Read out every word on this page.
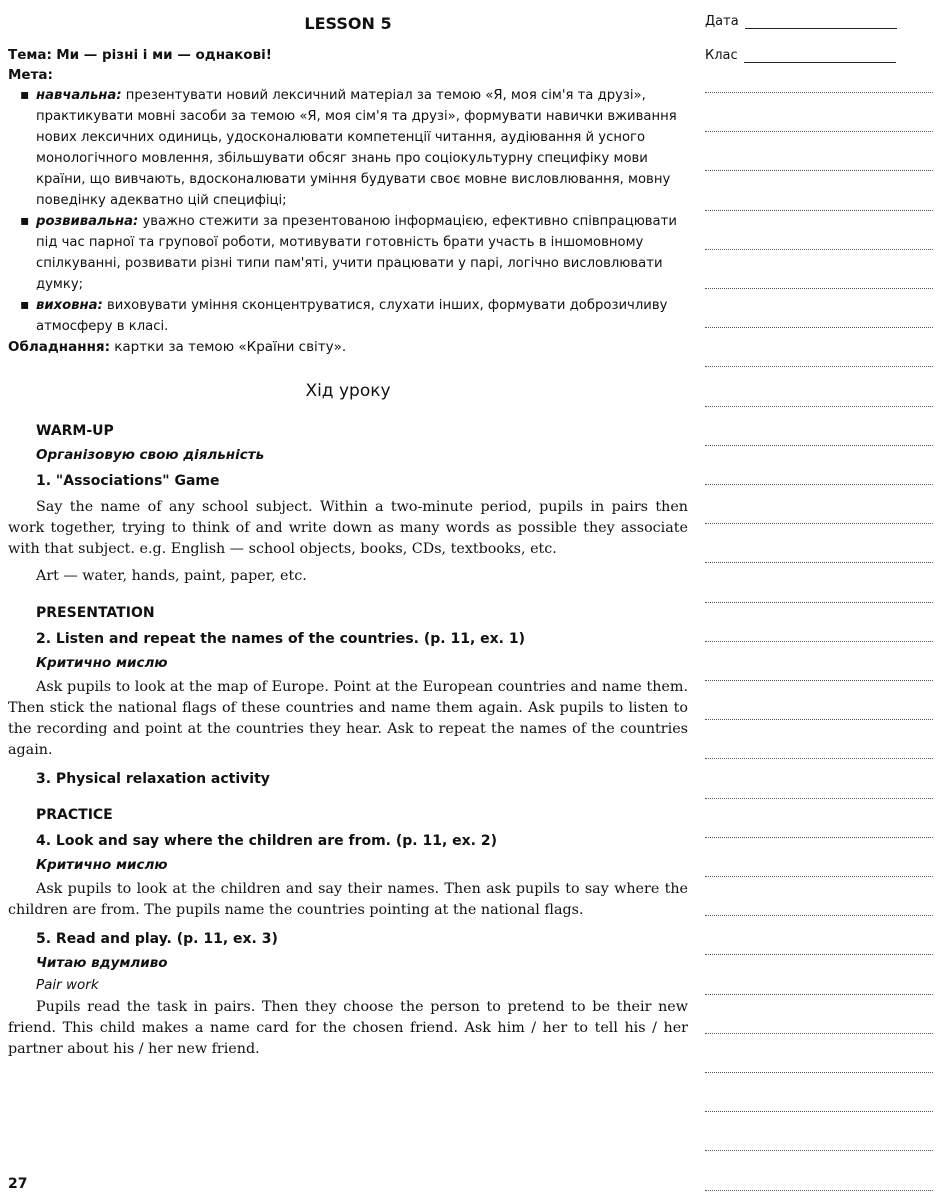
LESSON 5
Тема: Ми — різні і ми — однакові!
Мета:
▪ навчальна: презентувати новий лексичний матеріал за темою «Я, моя сім'я та друзі», практикувати мовні засоби за темою «Я, моя сім'я та друзі», формувати навички вживання нових лексичних одиниць, удосконалювати компетенції читання, аудіювання й усного монологічного мовлення, збільшувати обсяг знань про соціокультурну специфіку мови країни, що вивчають, вдосконалювати уміння будувати своє мовне висловлювання, мовну поведінку адекватно цій специфіці;
▪ розвивальна: уважно стежити за презентованою інформацією, ефективно співпрацювати під час парної та групової роботи, мотивувати готовність брати участь в іншомовному спілкуванні, розвивати різні типи пам'яті, учити працювати у парі, логічно висловлювати думку;
▪ виховна: виховувати уміння сконцентруватися, слухати інших, формувати доброзичливу атмосферу в класі.
Обладнання: картки за темою «Країни світу».
Хід уроку
WARM-UP
Організовую свою діяльність
1. "Associations" Game

Say the name of any school subject. Within a two-minute period, pupils in pairs then work together, trying to think of and write down as many words as possible they associate with that subject. e.g. English — school objects, books, CDs, textbooks, etc.

Art — water, hands, paint, paper, etc.

PRESENTATION
2. Listen and repeat the names of the countries. (p. 11, ex. 1)
Критично мислю

Ask pupils to look at the map of Europe. Point at the European countries and name them. Then stick the national flags of these countries and name them again. Ask pupils to listen to the recording and point at the countries they hear. Ask to repeat the names of the countries again.

3. Physical relaxation activity
PRACTICE
4. Look and say where the children are from. (p. 11, ex. 2)
Критично мислю

Ask pupils to look at the children and say their names. Then ask pupils to say where the children are from. The pupils name the countries pointing at the national flags.

5. Read and play. (p. 11, ex. 3)
Читаю вдумливо
Pair work

Pupils read the task in pairs. Then they choose the person to pretend to be their new friend. This child makes a name card for the chosen friend. Ask him / her to tell his / her partner about his / her new friend.

27
Дата
Клас
